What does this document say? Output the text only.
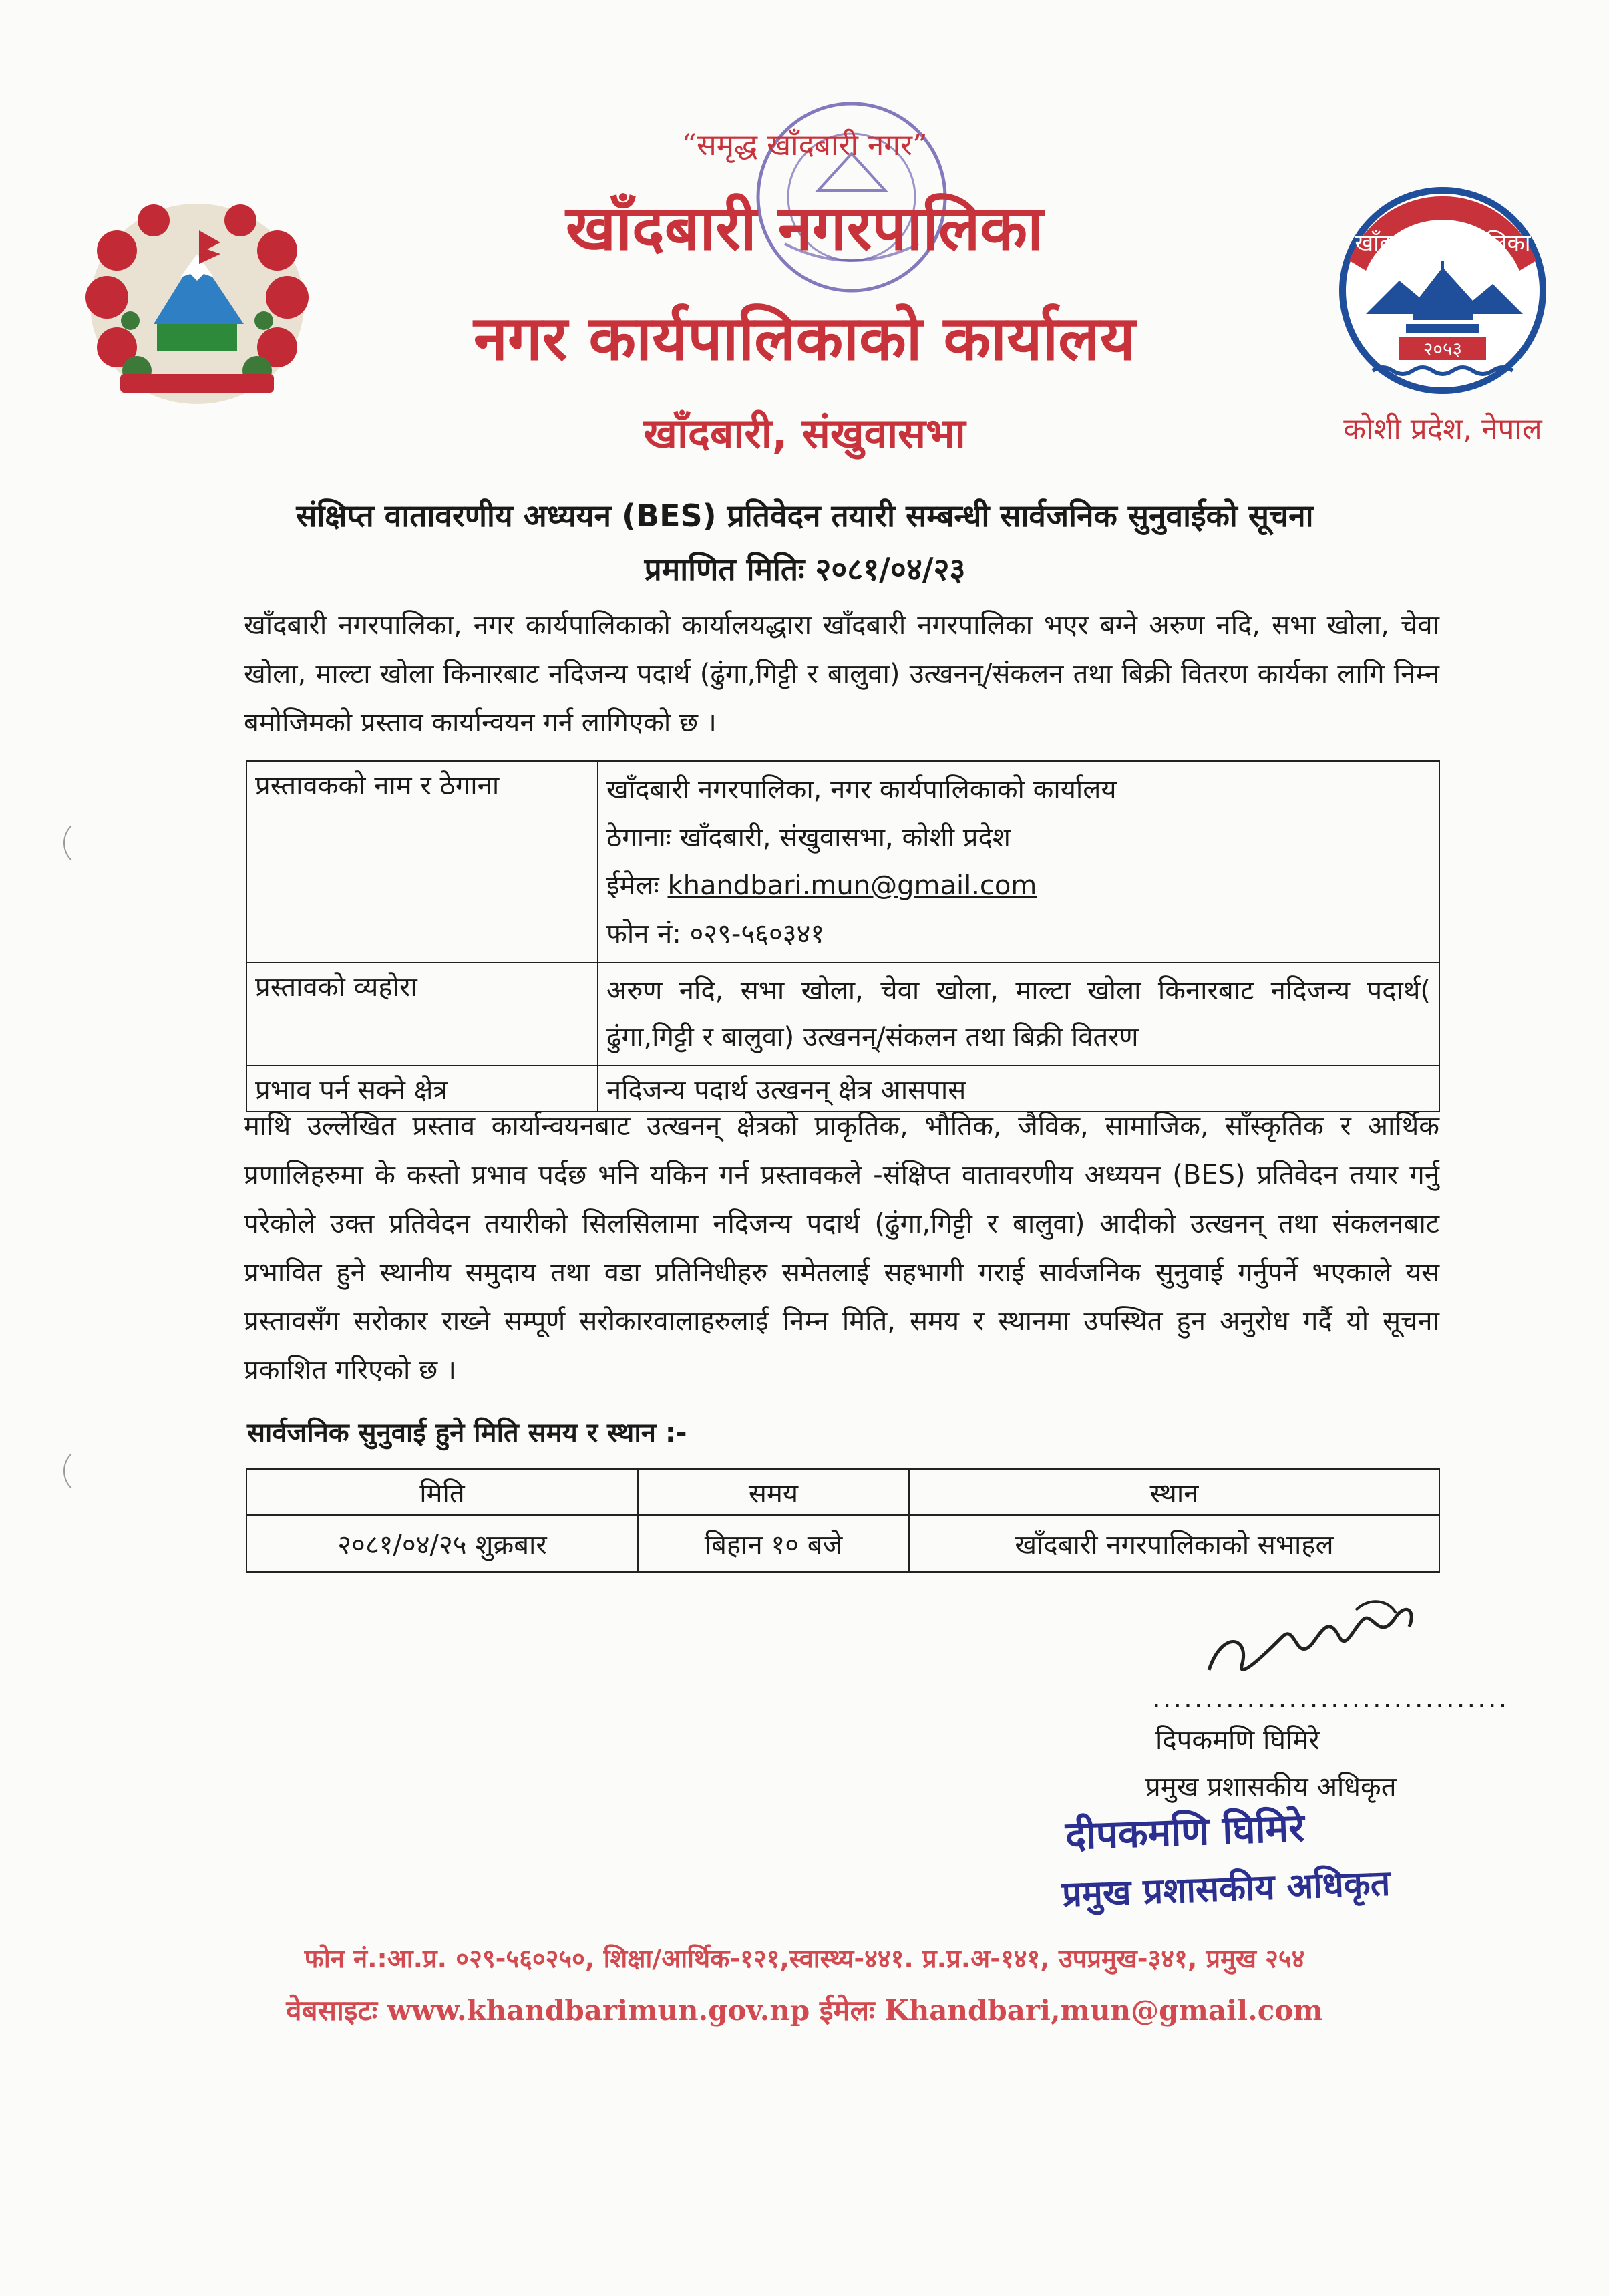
खाँदबारी नगरपालिका
२०५३
“समृद्ध खाँदबारी नगर”
खाँदबारी नगरपालिका
नगर कार्यपालिकाको कार्यालय
खाँदबारी, संखुवासभा	कोशी प्रदेश, नेपाल
संक्षिप्त वातावरणीय अध्ययन (BES) प्रतिवेदन तयारी सम्बन्धी सार्वजनिक सुनुवाईको सूचना
प्रमाणित मितिः २०८१/०४/२३
खाँदबारी नगरपालिका, नगर कार्यपालिकाको कार्यालयद्धारा खाँदबारी नगरपालिका भएर बग्ने अरुण नदि, सभा खोला, चेवा खोला, माल्टा खोला किनारबाट नदिजन्य पदार्थ (ढुंगा,गिट्टी र बालुवा) उत्खनन्/संकलन तथा बिक्री वितरण कार्यका लागि निम्न बमोजिमको प्रस्ताव कार्यान्वयन गर्न लागिएको छ ।
प्रस्तावकको नाम र ठेगाना	खाँदबारी नगरपालिका, नगर कार्यपालिकाको कार्यालय
ठेगानाः खाँदबारी, संखुवासभा, कोशी प्रदेश
ईमेलः khandbari.mun@gmail.com
फोन नं: ०२९-५६०३४१

प्रस्तावको व्यहोरा	अरुण नदि, सभा खोला, चेवा खोला, माल्टा खोला किनारबाट नदिजन्य पदार्थ( ढुंगा,गिट्टी र बालुवा) उत्खनन्/संकलन तथा बिक्री वितरण
प्रभाव पर्न सक्ने क्षेत्र	नदिजन्य पदार्थ उत्खनन् क्षेत्र आसपास
माथि उल्लेखित प्रस्ताव कार्यान्वयनबाट उत्खनन् क्षेत्रको प्राकृतिक, भौतिक, जैविक, सामाजिक, साँस्कृतिक र आर्थिक प्रणालिहरुमा के कस्तो प्रभाव पर्दछ भनि यकिन गर्न प्रस्तावकले -संक्षिप्त वातावरणीय अध्ययन (BES) प्रतिवेदन तयार गर्नु परेकोले उक्त प्रतिवेदन तयारीको सिलसिलामा नदिजन्य पदार्थ (ढुंगा,गिट्टी र बालुवा) आदीको उत्खनन् तथा संकलनबाट प्रभावित हुने स्थानीय समुदाय तथा वडा प्रतिनिधीहरु समेतलाई सहभागी गराई सार्वजनिक सुनुवाई गर्नुपर्ने भएकाले यस प्रस्तावसँग सरोकार राख्ने सम्पूर्ण सरोकारवालाहरुलाई निम्न मिति, समय र स्थानमा उपस्थित हुन अनुरोध गर्दै यो सूचना प्रकाशित गरिएको छ ।
सार्वजनिक सुनुवाई हुने मिति समय र स्थान :-
मिति	समय	स्थान
२०८१/०४/२५ शुक्रबार	बिहान १० बजे	खाँदबारी नगरपालिकाको सभाहल
..................................
दिपकमणि घिमिरे
प्रमुख प्रशासकीय अधिकृत
दीपकमणि घिमिरे
प्रमुख प्रशासकीय अधिकृत
फोन नं.:आ.प्र. ०२९-५६०२५०, शिक्षा/आर्थिक-१२१,स्वास्थ्य-४४१. प्र.प्र.अ-१४१, उपप्रमुख-३४१, प्रमुख २५४
वेबसाइटः www.khandbarimun.gov.np ईमेलः Khandbari,mun@gmail.com
